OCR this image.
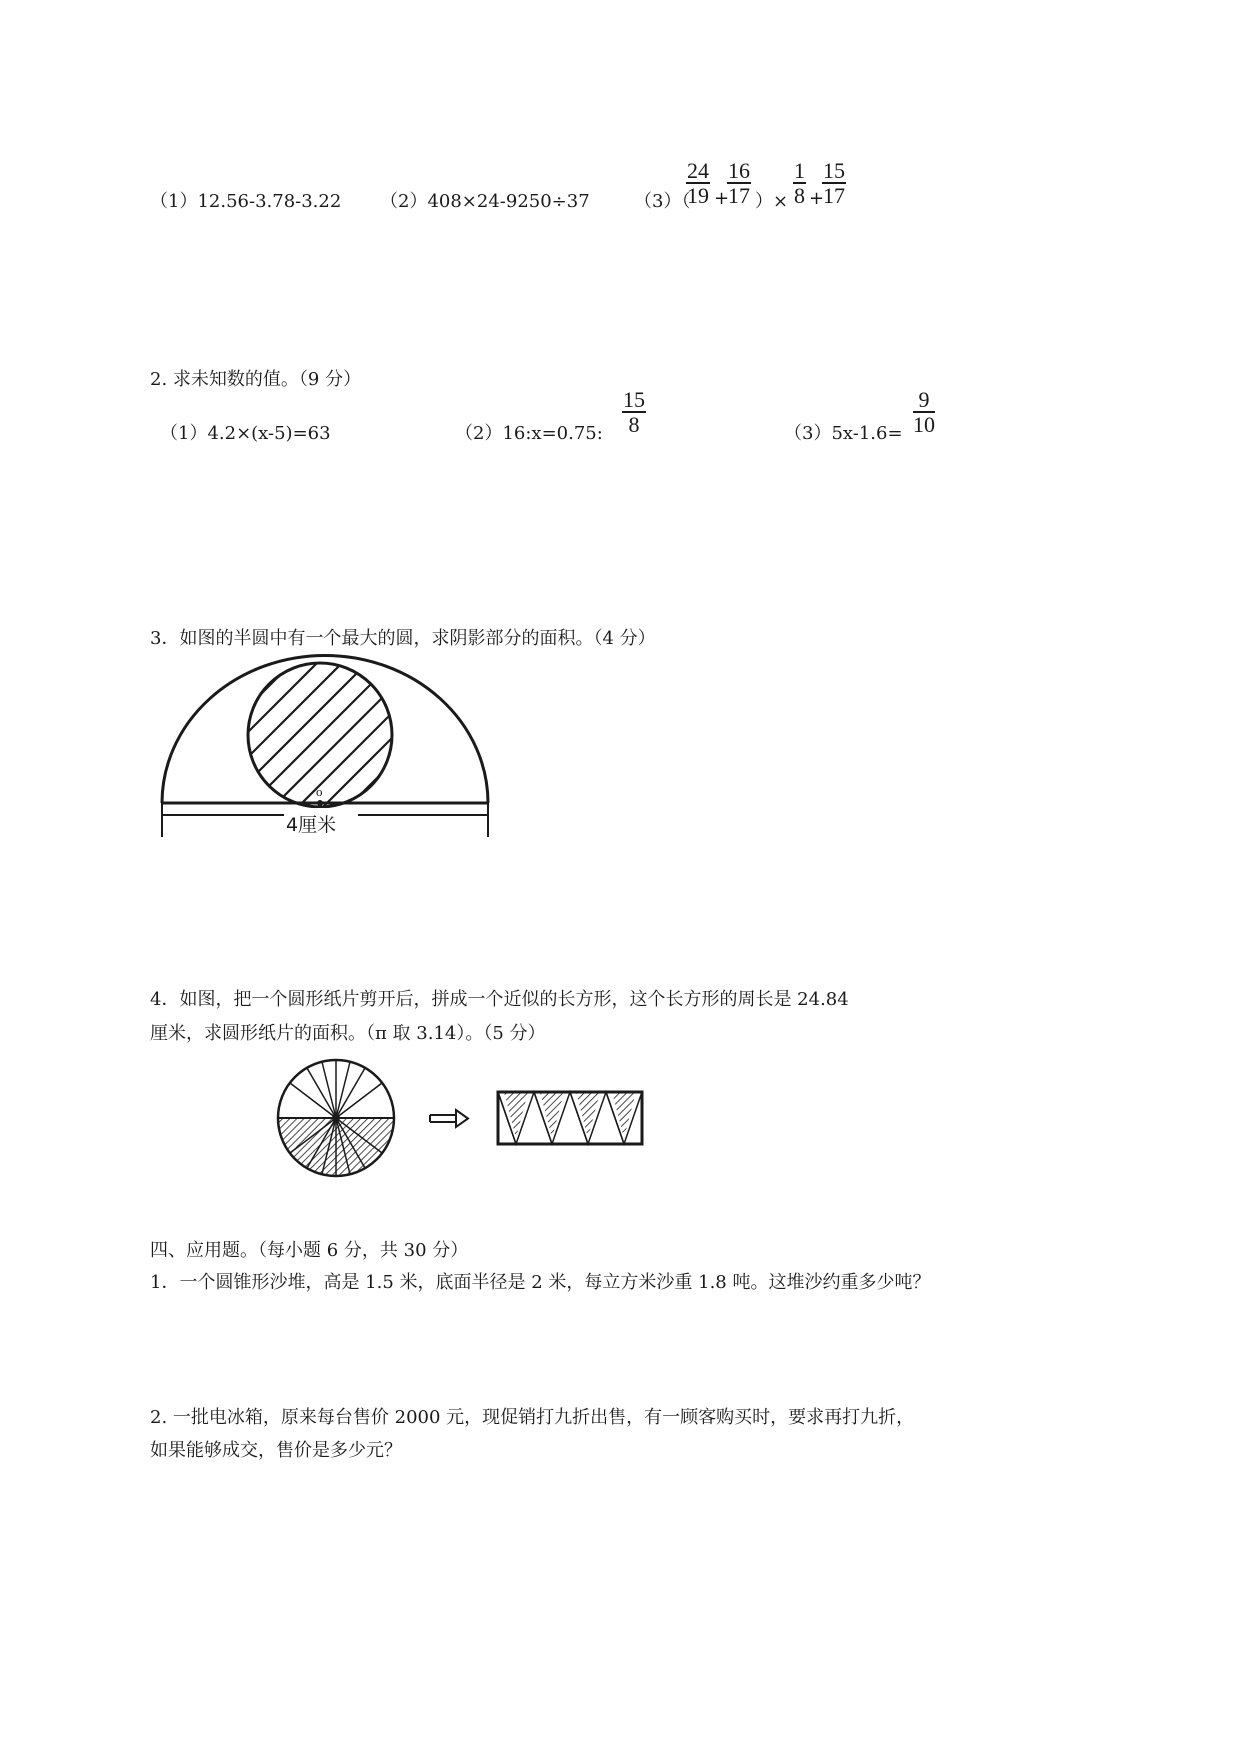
（1）12.56-3.78-3.22 （2）408×24-9250÷37 （3）（
$\frac{24}{19}$ +
$\frac{16}{17}$ ）× $\frac{1}{8}$ +
$\frac{15}{17}$
2. 求未知数的值。（9 分）
（1）4.2×(x-5)=63	（2）16:x=0.75: $\frac{15}{8}$	$(3)5x-1.6= \frac{9}{10}$
3．如图的半圆中有一个最大的圆，求阴影部分的面积。（4 分）
o
4厘米
4．如图，把一个圆形纸片剪开后，拼成一个近似的长方形，这个长方形的周长是 24.84
厘米，求圆形纸片的面积。（π 取 3.14）。（5 分）
四、应用题。（每小题 6 分，共 30 分）
1．一个圆锥形沙堆，高是 1.5 米，底面半径是 2 米，每立方米沙重 1.8 吨。这堆沙约重多少吨？
2. 一批电冰箱，原来每台售价 2000 元，现促销打九折出售，有一顾客购买时，要求再打九折，
如果能够成交，售价是多少元？
